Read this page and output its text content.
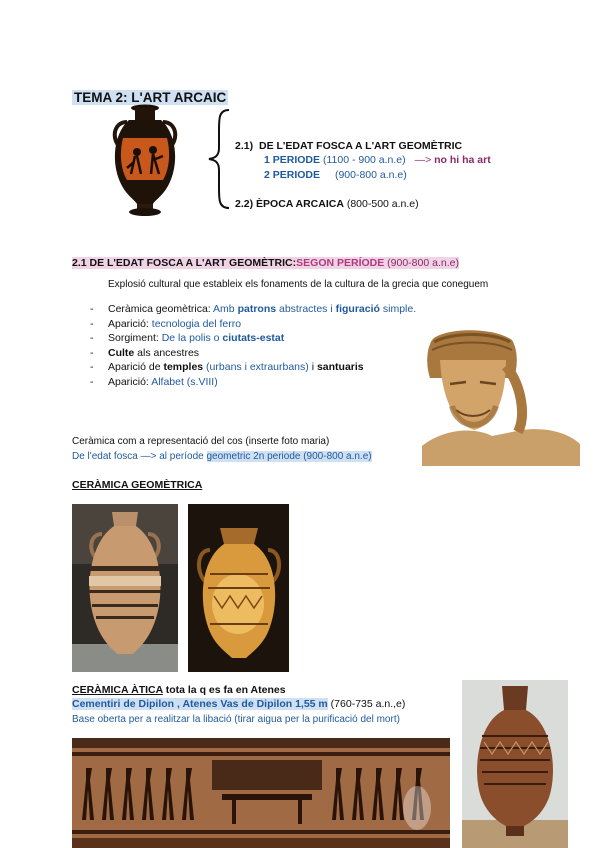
TEMA 2: L'ART ARCAIC
2.1) DE L'EDAT FOSCA A L'ART GEOMÈTRIC
1 PERIODE (1100 - 900 a.n.e) —> no hi ha art
2 PERIODE (900-800 a.n.e)
2.2) ÈPOCA ARCAICA (800-500 a.n.e)
2.1 DE L'EDAT FOSCA A L'ART GEOMÈTRIC:SEGON PERÍODE (900-800 a.n.e)
Explosió cultural que estableix els fonaments de la cultura de la grecia que coneguem
- Ceràmica geomètrica: Amb patrons abstractes i figuració simple.
- Aparició: tecnologia del ferro
- Sorgiment: De la polis o ciutats-estat
- Culte als ancestres
- Aparició de temples (urbans i extraurbans) i santuaris
- Aparició: Alfabet (s.VIII)
Ceràmica com a representació del cos (inserte foto maria)
De l'edat fosca —> al període geometric 2n periode (900-800 a.n.e)
CERÀMICA GEOMÈTRICA
CERÀMICA ÀTICA tota la q es fa en Atenes
Cementiri de Dipilon , Atenes Vas de Dipilon 1,55 m (760-735 a.n.,e)
Base oberta per a realitzar la libació (tirar aigua per la purificació del mort)
